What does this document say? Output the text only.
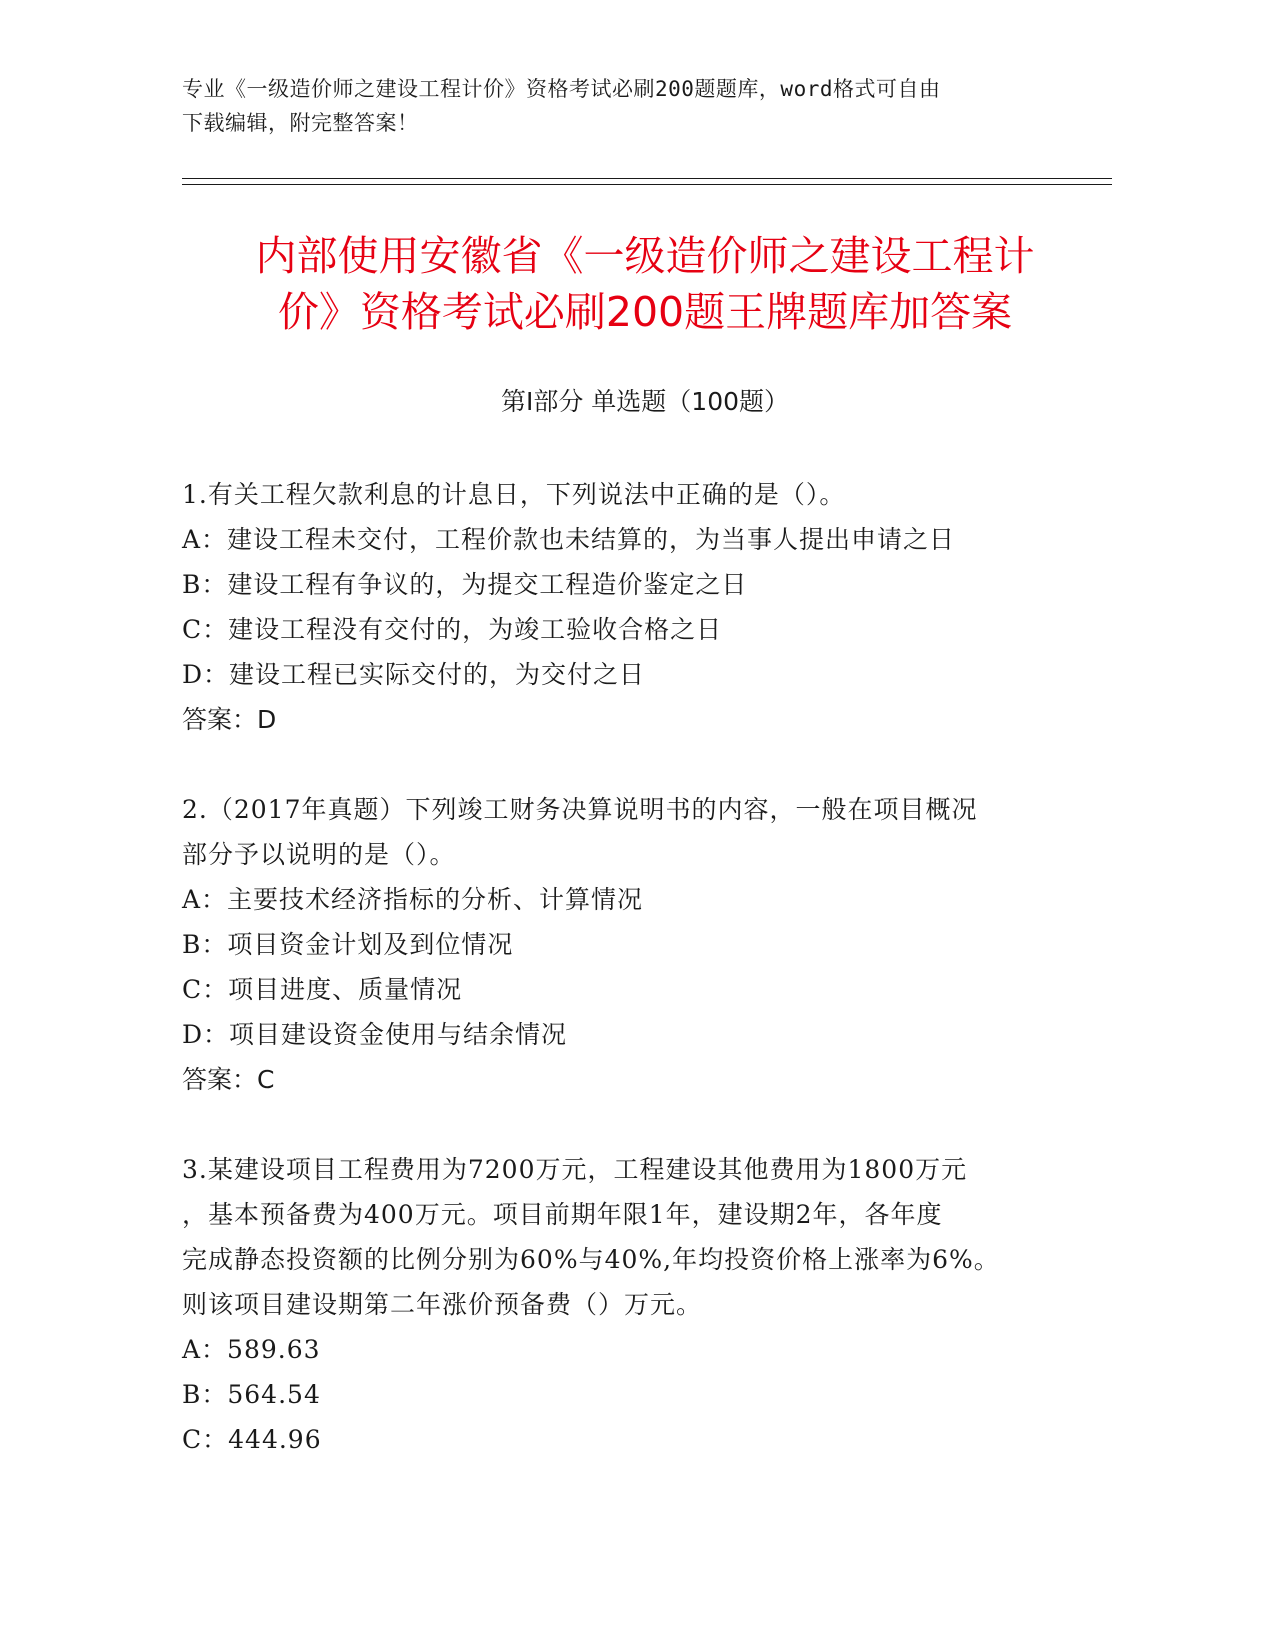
专业《一级造价师之建设工程计价》资格考试必刷200题题库，word格式可自由
下载编辑，附完整答案！
内部使用安徽省《一级造价师之建设工程计
价》资格考试必刷200题王牌题库加答案
第Ⅰ部分 单选题（100题）
1.有关工程欠款利息的计息日，下列说法中正确的是（）。
A：建设工程未交付，工程价款也未结算的，为当事人提出申请之日
B：建设工程有争议的，为提交工程造价鉴定之日
C：建设工程没有交付的，为竣工验收合格之日
D：建设工程已实际交付的，为交付之日
答案：D
2.（2017年真题）下列竣工财务决算说明书的内容，一般在项目概况
部分予以说明的是（）。
A：主要技术经济指标的分析、计算情况
B：项目资金计划及到位情况
C：项目进度、质量情况
D：项目建设资金使用与结余情况
答案：C
3.某建设项目工程费用为7200万元，工程建设其他费用为1800万元
，基本预备费为400万元。项目前期年限1年，建设期2年，各年度
完成静态投资额的比例分别为60%与40%,年均投资价格上涨率为6%。
则该项目建设期第二年涨价预备费（）万元。
A：589.63
B：564.54
C：444.96
